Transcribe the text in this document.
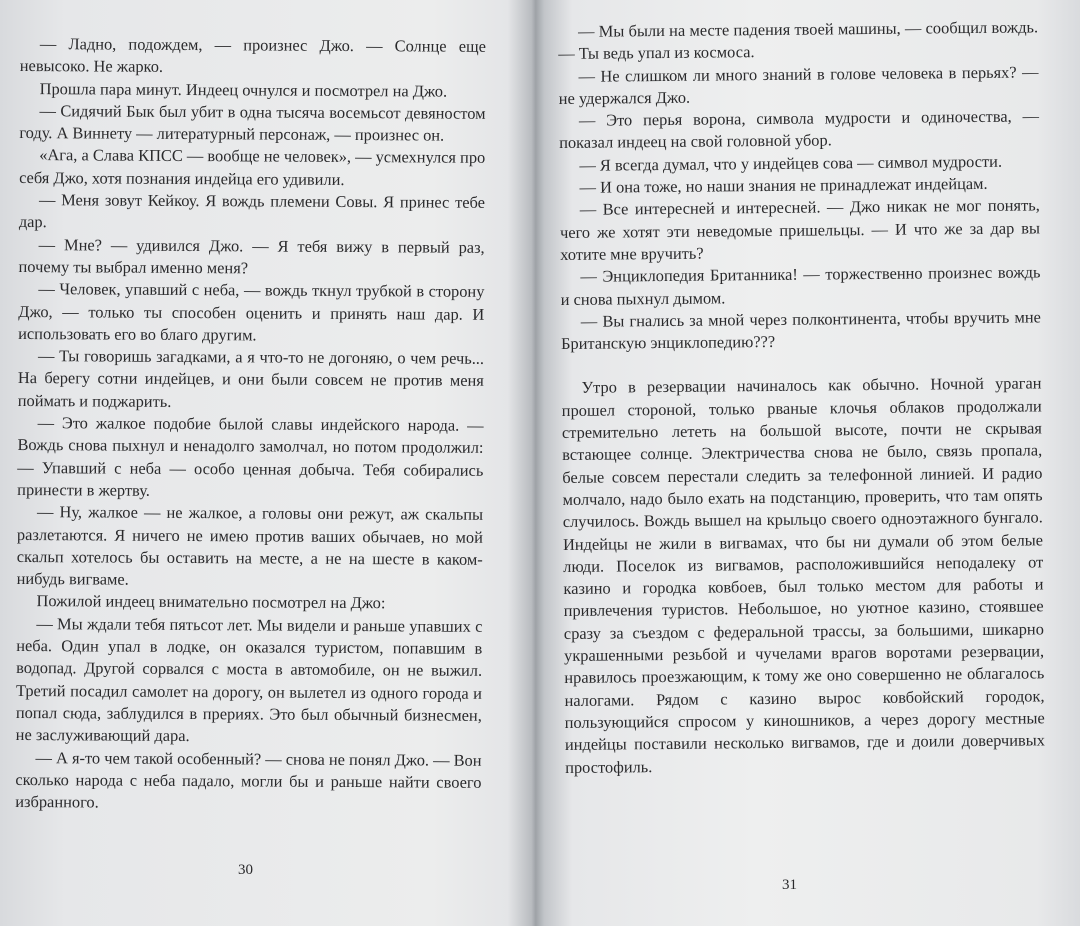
— Ладно, подождем, — произнес Джо. — Солнце еще невысоко. Не жарко.

Прошла пара минут. Индеец очнулся и посмотрел на Джо.

— Сидячий Бык был убит в одна тысяча восемьсот девяностом году. А Виннету — литературный персонаж, — произнес он.

«Ага, а Слава КПСС — вообще не человек», — усмехнулся про себя Джо, хотя познания индейца его удивили.

— Меня зовут Кейкоу. Я вождь племени Совы. Я принес тебе дар.

— Мне? — удивился Джо. — Я тебя вижу в первый раз, почему ты выбрал именно меня?

— Человек, упавший с неба, — вождь ткнул трубкой в сторону Джо, — только ты способен оценить и принять наш дар. И использовать его во благо другим.

— Ты говоришь загадками, а я что-то не догоняю, о чем речь... На берегу сотни индейцев, и они были совсем не против меня поймать и поджарить.

— Это жалкое подобие былой славы индейского народа. — Вождь снова пыхнул и ненадолго замолчал, но потом продолжил: — Упавший с неба — особо ценная добыча. Тебя собирались принести в жертву.

— Ну, жалкое — не жалкое, а головы они режут, аж скальпы разлетаются. Я ничего не имею против ваших обычаев, но мой скальп хотелось бы оставить на месте, а не на шесте в каком-нибудь вигваме.

Пожилой индеец внимательно посмотрел на Джо:

— Мы ждали тебя пятьсот лет. Мы видели и раньше упавших с неба. Один упал в лодке, он оказался туристом, попавшим в водопад. Другой сорвался с моста в автомобиле, он не выжил. Третий посадил самолет на дорогу, он вылетел из одного города и попал сюда, заблудился в прериях. Это был обычный бизнесмен, не заслуживающий дара.

— А я-то чем такой особенный? — снова не понял Джо. — Вон сколько народа с неба падало, могли бы и раньше найти своего избранного.

30

— Мы были на месте падения твоей машины, — сообщил вождь. — Ты ведь упал из космоса.

— Не слишком ли много знаний в голове человека в перьях? — не удержался Джо.

— Это перья ворона, символа мудрости и одиночества, — показал индеец на свой головной убор.

— Я всегда думал, что у индейцев сова — символ мудрости.

— И она тоже, но наши знания не принадлежат индейцам.

— Все интересней и интересней. — Джо никак не мог понять, чего же хотят эти неведомые пришельцы. — И что же за дар вы хотите мне вручить?

— Энциклопедия Британника! — торжественно произнес вождь и снова пыхнул дымом.

— Вы гнались за мной через полконтинента, чтобы вручить мне Британскую энциклопедию???

Утро в резервации начиналось как обычно. Ночной ураган прошел стороной, только рваные клочья облаков продолжали стремительно лететь на большой высоте, почти не скрывая встающее солнце. Электричества снова не было, связь пропала, белые совсем перестали следить за телефонной линией. И радио молчало, надо было ехать на подстанцию, проверить, что там опять случилось. Вождь вышел на крыльцо своего одноэтажного бунгало. Индейцы не жили в вигвамах, что бы ни думали об этом белые люди. Поселок из вигвамов, расположившийся неподалеку от казино и городка ковбоев, был только местом для работы и привлечения туристов. Небольшое, но уютное казино, стоявшее сразу за съездом с федеральной трассы, за большими, шикарно украшенными резьбой и чучелами врагов воротами резервации, нравилось проезжающим, к тому же оно совершенно не облагалось налогами. Рядом с казино вырос ковбойский городок, пользующийся спросом у киношников, а через дорогу местные индейцы поставили несколько вигвамов, где и доили доверчивых простофиль.

31
